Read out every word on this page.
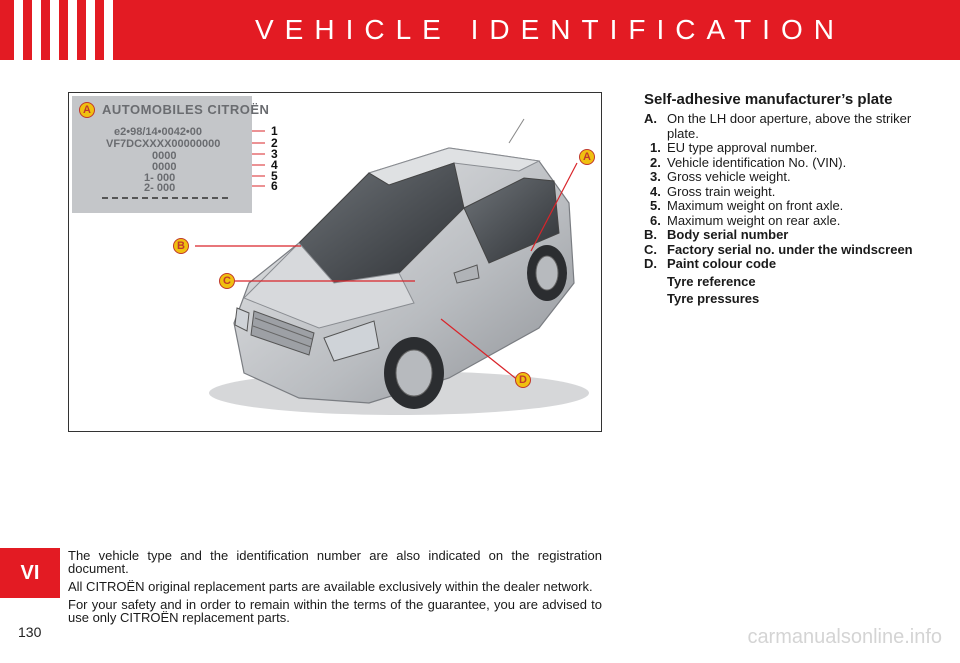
VEHICLE IDENTIFICATION
AUTOMOBILES CITROËN
e2•98/14•0042•00
VF7DCXXXX00000000
0000
0000
1- 000
2- 000
1
2
3
4
5
6
A
A
B
C
D
Self-adhesive manufacturer’s plate
A. On the LH door aperture, above the striker plate.
1. EU type approval number.
2. Vehicle identification No. (VIN).
3. Gross vehicle weight.
4. Gross train weight.
5. Maximum weight on front axle.
6. Maximum weight on rear axle.
B. Body serial number
C. Factory serial no. under the windscreen
D. Paint colour code
Tyre reference
Tyre pressures

The vehicle type and the identification number are also indicated on the registration document.

All CITROËN original replacement parts are available exclusively within the dealer network.

For your safety and in order to remain within the terms of the guarantee, you are advised to use only CITROËN replacement parts.

VI
130	carmanualsonline.info
